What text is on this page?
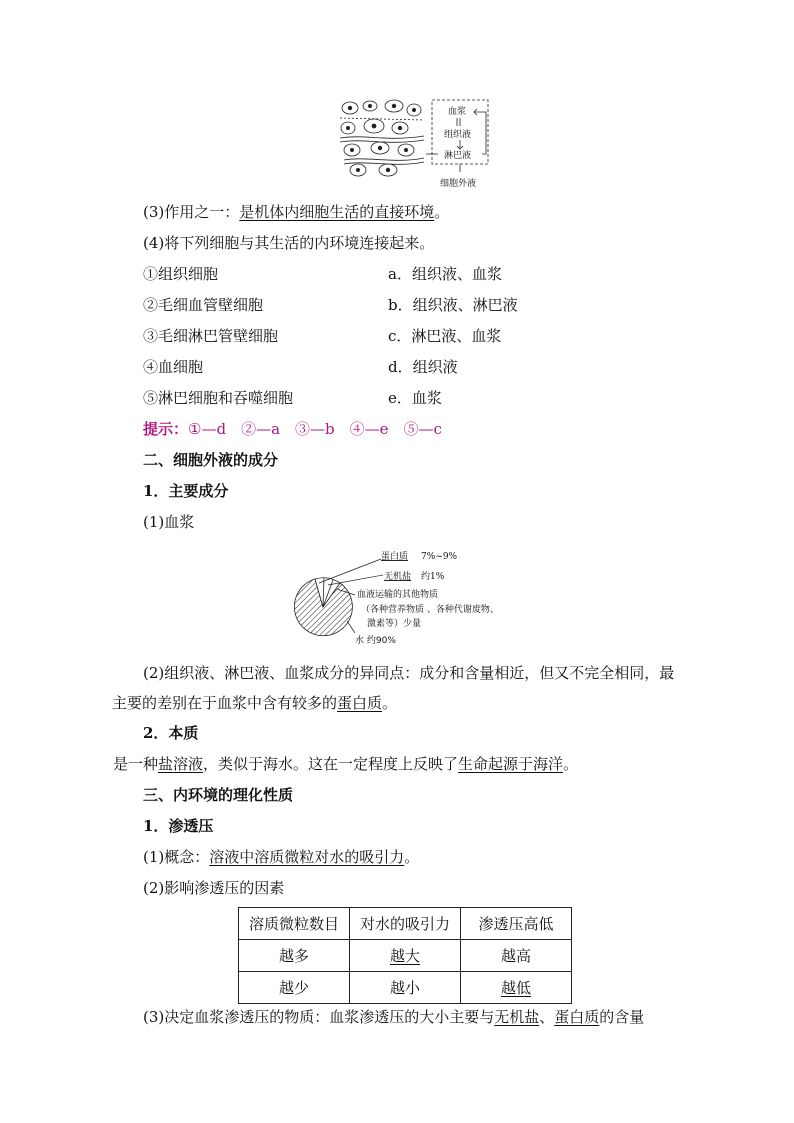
血浆
组织液
淋巴液
细胞外液
(3)作用之一：是机体内细胞生活的直接环境。
(4)将下列细胞与其生活的内环境连接起来。
①组织细胞	a．组织液、血浆
②毛细血管壁细胞	b．组织液、淋巴液
③毛细淋巴管壁细胞	c．淋巴液、血浆
④血细胞	d．组织液
⑤淋巴细胞和吞噬细胞	e．血浆
提示：①—d　②—a　③—b　④—e　⑤—c
二、细胞外液的成分
1．主要成分
(1)血浆
蛋白质 7%~9%
无机盐 约1%
血液运输的其他物质
（各种营养物质 、各种代谢废物、
激素等）少量
水 约90%
(2)组织液、淋巴液、血浆成分的异同点：成分和含量相近，但又不完全相同，最主要的差别在于血浆中含有较多的蛋白质。
2．本质
是一种盐溶液，类似于海水。这在一定程度上反映了生命起源于海洋。
三、内环境的理化性质
1．渗透压
(1)概念：溶液中溶质微粒对水的吸引力。
(2)影响渗透压的因素
溶质微粒数目	对水的吸引力	渗透压高低
越多	越大	越高
越少	越小	越低
(3)决定血浆渗透压的物质：血浆渗透压的大小主要与无机盐、蛋白质的含量
